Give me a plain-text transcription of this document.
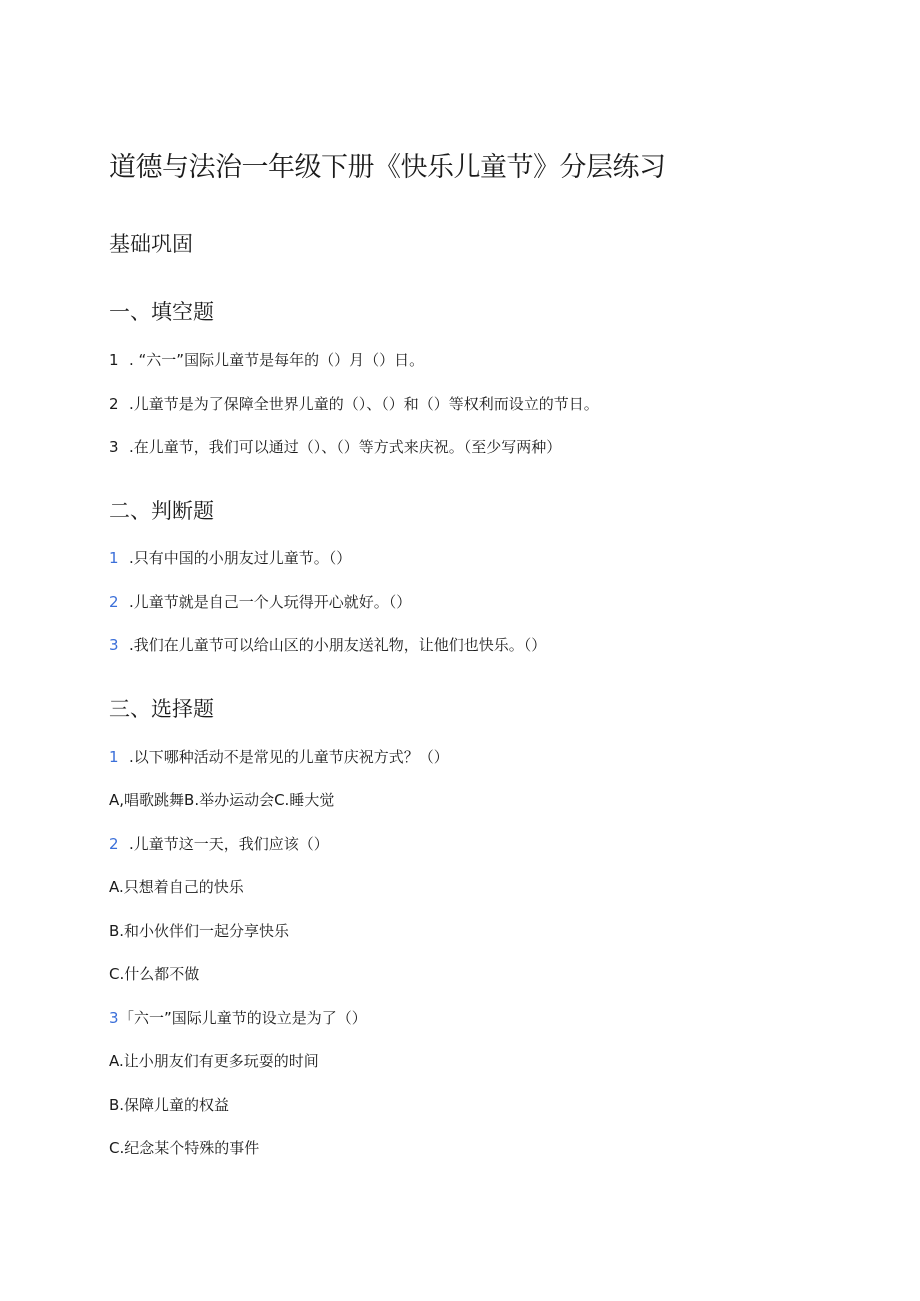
道德与法治一年级下册《快乐儿童节》分层练习
基础巩固
一、填空题
1 . “六一”国际儿童节是每年的（）月（）日。
2 .儿童节是为了保障全世界儿童的（）、（）和（）等权利而设立的节日。
3 .在儿童节，我们可以通过（）、（）等方式来庆祝。（至少写两种）
二、判断题
1 .只有中国的小朋友过儿童节。（）
2 .儿童节就是自己一个人玩得开心就好。（）
3 .我们在儿童节可以给山区的小朋友送礼物，让他们也快乐。（）
三、选择题
1 .以下哪种活动不是常见的儿童节庆祝方式？（）
A,唱歌跳舞B.举办运动会C.睡大觉
2 .儿童节这一天，我们应该（）
A.只想着自己的快乐
B.和小伙伴们一起分享快乐
C.什么都不做
3「六一”国际儿童节的设立是为了（）
A.让小朋友们有更多玩耍的时间
B.保障儿童的权益
C.纪念某个特殊的事件
